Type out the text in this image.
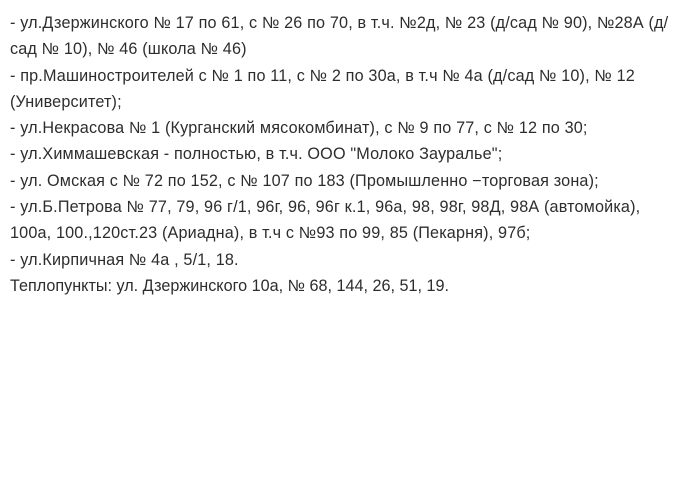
- ул.Дзержинского № 17 по 61, с № 26 по 70, в т.ч. №2д, № 23 (д/сад № 90), №28А (д/сад № 10), № 46 (школа № 46)

- пр.Машиностроителей с № 1 по 11, с № 2 по 30а, в т.ч № 4а (д/сад № 10), № 12 (Университет);

- ул.Некрасова № 1 (Курганский мясокомбинат), с № 9 по 77, с № 12 по 30;

- ул.Химмашевская - полностью, в т.ч. ООО "Молоко Зауралье";

- ул. Омская с № 72 по 152, с № 107 по 183 (Промышленно −торговая зона);

- ул.Б.Петрова № 77, 79, 96 г/1, 96г, 96, 96г к.1, 96а, 98, 98г, 98Д, 98А (автомойка), 100а, 100.,120ст.23 (Ариадна), в т.ч с №93 по 99, 85 (Пекарня), 97б;

- ул.Кирпичная № 4а , 5/1, 18.

Теплопункты: ул. Дзержинского 10а, № 68, 144, 26, 51, 19.
